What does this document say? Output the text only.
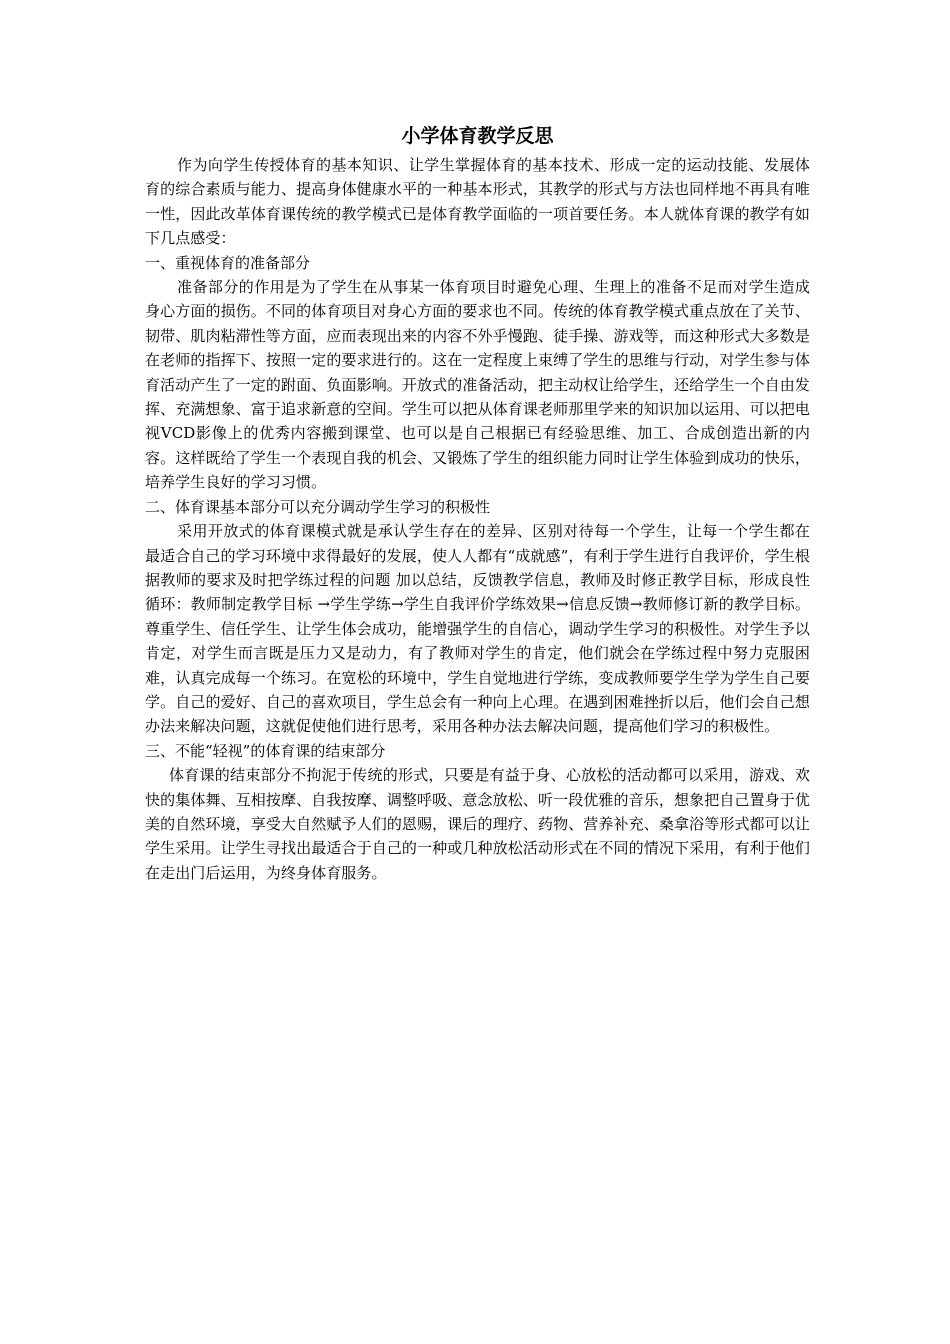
小学体育教学反思

作为向学生传授体育的基本知识、让学生掌握体育的基本技术、形成一定的运动技能、发展体育的综合素质与能力、提高身体健康水平的一种基本形式，其教学的形式与方法也同样地不再具有唯一性，因此改革体育课传统的教学模式已是体育教学面临的一项首要任务。本人就体育课的教学有如下几点感受：

一、重视体育的准备部分

准备部分的作用是为了学生在从事某一体育项目时避免心理、生理上的准备不足而对学生造成身心方面的损伤。不同的体育项目对身心方面的要求也不同。传统的体育教学模式重点放在了关节、韧带、肌肉粘滞性等方面，应而表现出来的内容不外乎慢跑、徒手操、游戏等，而这种形式大多数是在老师的指挥下、按照一定的要求进行的。这在一定程度上束缚了学生的思维与行动，对学生参与体育活动产生了一定的跗面、负面影响。开放式的准备活动，把主动权让给学生，还给学生一个自由发挥、充满想象、富于追求新意的空间。学生可以把从体育课老师那里学来的知识加以运用、可以把电视VCD影像上的优秀内容搬到课堂、也可以是自己根据已有经验思维、加工、合成创造出新的内容。这样既给了学生一个表现自我的机会、又锻炼了学生的组织能力同时让学生体验到成功的快乐，培养学生良好的学习习惯。

二、体育课基本部分可以充分调动学生学习的积极性

采用开放式的体育课模式就是承认学生存在的差异、区别对待每一个学生，让每一个学生都在最适合自己的学习环境中求得最好的发展，使人人都有“成就感”，有利于学生进行自我评价，学生根据教师的要求及时把学练过程的问题 加以总结，反馈教学信息，教师及时修正教学目标，形成良性循环：教师制定教学目标 →学生学练→学生自我评价学练效果→信息反馈→教师修订新的教学目标。尊重学生、信任学生、让学生体会成功，能增强学生的自信心，调动学生学习的积极性。对学生予以肯定，对学生而言既是压力又是动力，有了教师对学生的肯定，他们就会在学练过程中努力克服困难，认真完成每一个练习。在宽松的环境中，学生自觉地进行学练，变成教师要学生学为学生自己要学。自己的爱好、自己的喜欢项目，学生总会有一种向上心理。在遇到困难挫折以后，他们会自己想办法来解决问题，这就促使他们进行思考，采用各种办法去解决问题，提高他们学习的积极性。

三、不能“轻视”的体育课的结束部分

体育课的结束部分不拘泥于传统的形式，只要是有益于身、心放松的活动都可以采用，游戏、欢快的集体舞、互相按摩、自我按摩、调整呼吸、意念放松、听一段优雅的音乐，想象把自己置身于优美的自然环境，享受大自然赋予人们的恩赐，课后的理疗、药物、营养补充、桑拿浴等形式都可以让学生采用。让学生寻找出最适合于自己的一种或几种放松活动形式在不同的情况下采用，有利于他们在走出门后运用，为终身体育服务。
